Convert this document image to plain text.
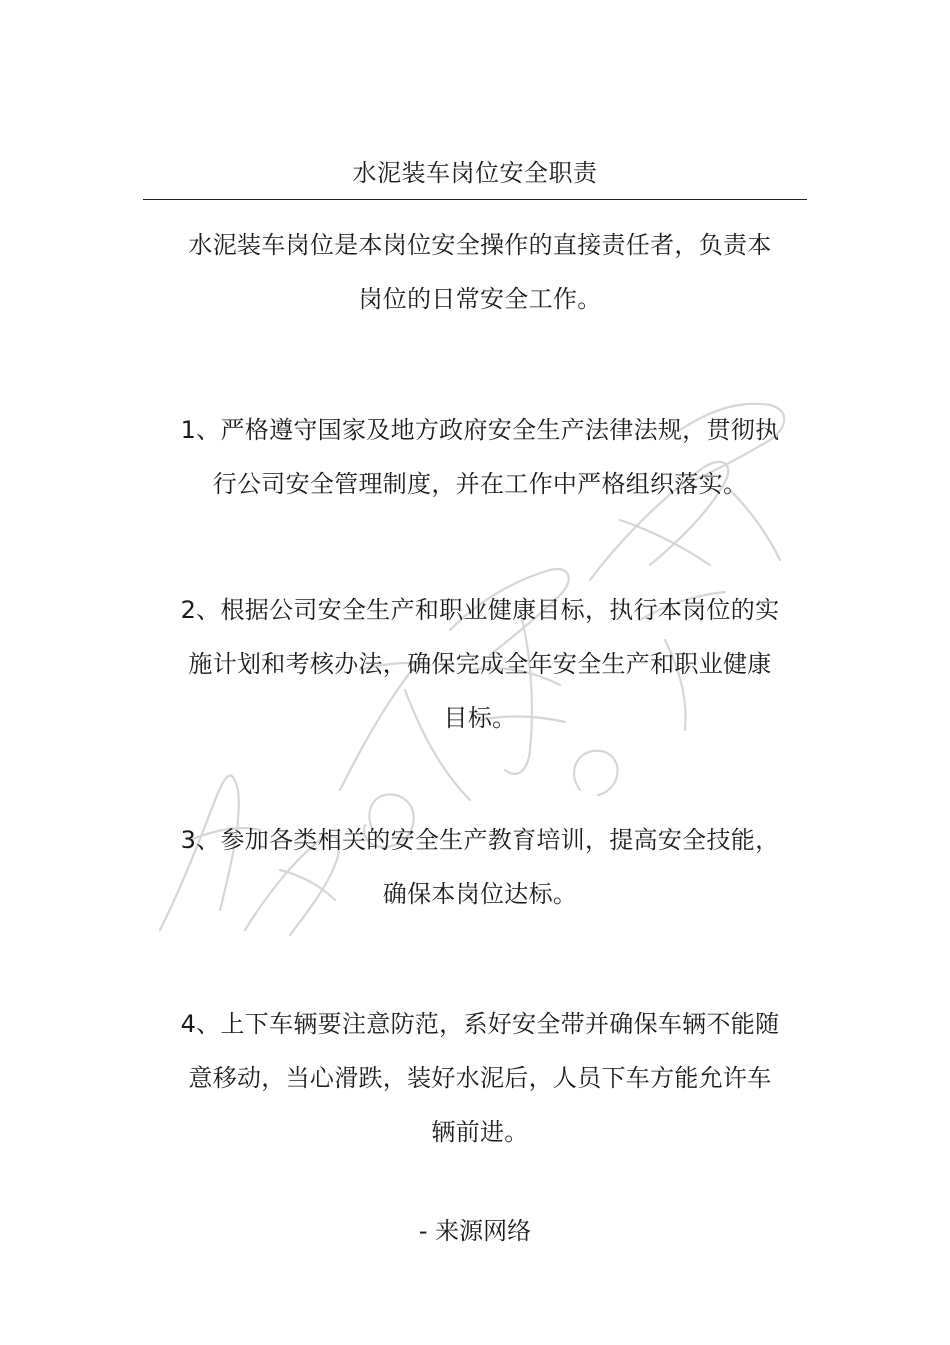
水泥装车岗位安全职责
水泥装车岗位是本岗位安全操作的直接责任者，负责本
岗位的日常安全工作。
1、严格遵守国家及地方政府安全生产法律法规，贯彻执
行公司安全管理制度，并在工作中严格组织落实。
2、根据公司安全生产和职业健康目标，执行本岗位的实
施计划和考核办法，确保完成全年安全生产和职业健康
目标。
3、参加各类相关的安全生产教育培训，提高安全技能，
确保本岗位达标。
4、上下车辆要注意防范，系好安全带并确保车辆不能随
意移动，当心滑跌，装好水泥后，人员下车方能允许车
辆前进。
- 来源网络
